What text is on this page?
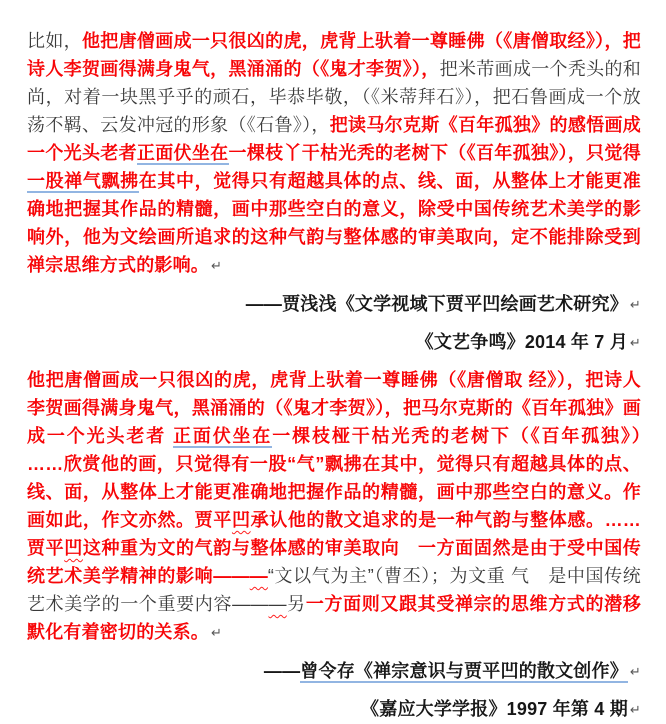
比如，他把唐僧画成一只很凶的虎，虎背上驮着一尊睡佛（《唐僧取经》），把诗人李贺画得满身鬼气，黑涌涌的（《鬼才李贺》），把米芾画成一个秃头的和尚，对着一块黑乎乎的顽石，毕恭毕敬，（《米蒂拜石》），把石鲁画成一个放荡不羁、云发冲冠的形象（《石鲁》），把读马尔克斯《百年孤独》的感悟画成一个光头老者正面伏坐在一棵枝丫干枯光秃的老树下（《百年孤独》），只觉得一股禅气飘拂在其中，觉得只有超越具体的点、线、面，从整体上才能更准确地把握其作品的精髓，画中那些空白的意义，除受中国传统艺术美学的影响外，他为文绘画所追求的这种气韵与整体感的审美取向，定不能排除受到禅宗思维方式的影响。 ↵

——贾浅浅《文学视域下贾平凹绘画艺术研究》 ↵

《文艺争鸣》2014 年 7 月 ↵

他把唐僧画成一只很凶的虎，虎背上驮着一尊睡佛（《唐僧取 经》），把诗人李贺画得满身鬼气，黑涌涌的（《鬼才李贺》），把马尔克斯的《百年孤独》画成一个光头老者 正面伏坐在一棵枝桠干枯光秃的老树下（《百年孤独》）　 ……欣赏他的画，只觉得有一股“气”飘拂在其中，觉得只有超越具体的点、线、面，从整体上才能更准确地把握作品的精髓，画中那些空白的意义。作画如此，作文亦然。贾平凹承认他的散文追求的是一种气韵与整体感。……贾平凹这种重为文的气韵与整体感的审美取向　一方面固然是由于受中国传统艺术美学精神的影响———“文以气为主”（曹丕）；为文重 气　是中国传统艺术美学的一个重要内容———另一方面则又跟其受禅宗的思维方式的潜移默化有着密切的关系。 ↵

——曾令存《禅宗意识与贾平凹的散文创作》 ↵

《嘉应大学学报》1997 年第 4 期 ↵
